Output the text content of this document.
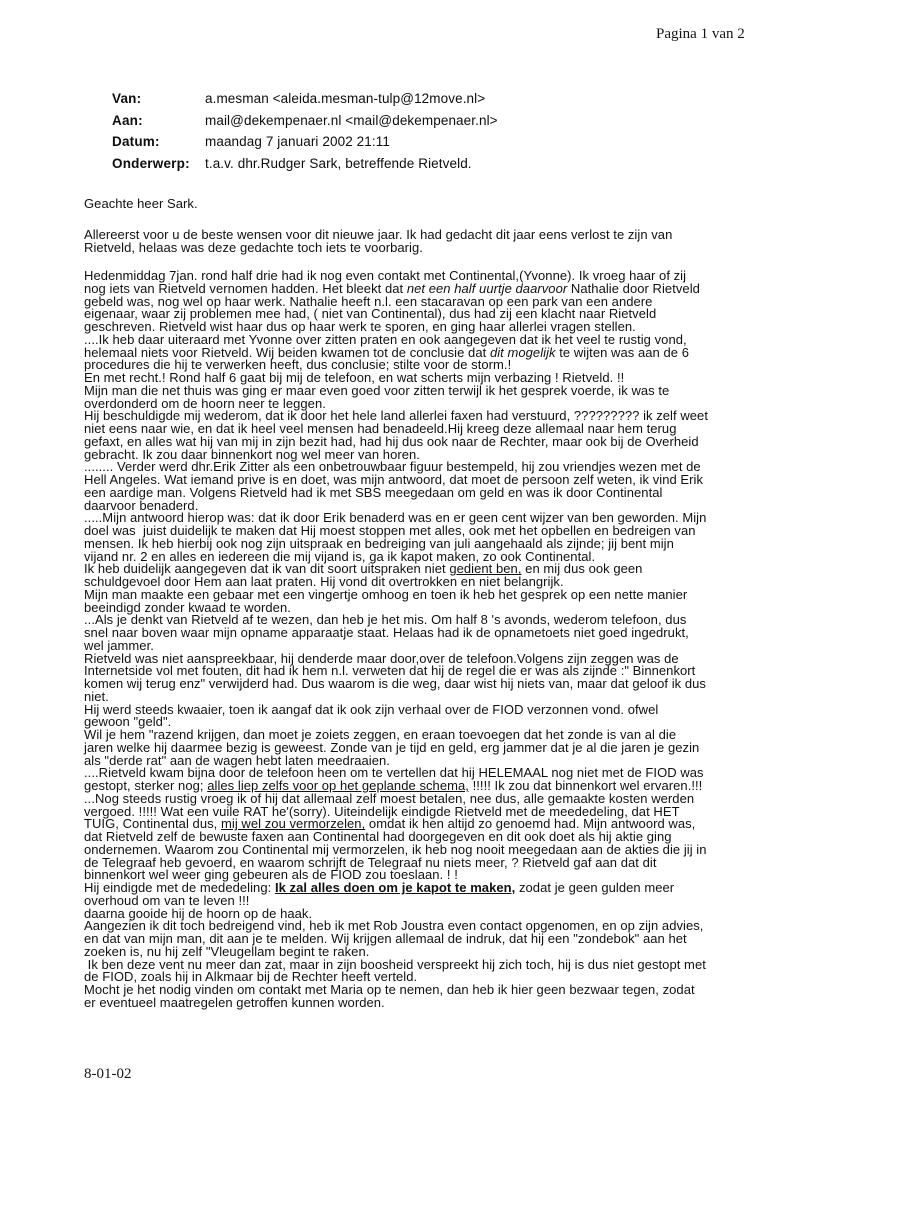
Pagina 1 van 2
Van:	a.mesman <aleida.mesman-tulp@12move.nl>
Aan:	mail@dekempenaer.nl <mail@dekempenaer.nl>
Datum:	maandag 7 januari 2002 21:11
Onderwerp:	t.a.v. dhr.Rudger Sark, betreffende Rietveld.
Geachte heer Sark.
Allereerst voor u de beste wensen voor dit nieuwe jaar. Ik had gedacht dit jaar eens verlost te zijn van
Rietveld, helaas was deze gedachte toch iets te voorbarig.
Hedenmiddag 7jan. rond half drie had ik nog even contakt met Continental,(Yvonne). Ik vroeg haar of zij
nog iets van Rietveld vernomen hadden. Het bleekt dat net een half uurtje daarvoor Nathalie door Rietveld
gebeld was, nog wel op haar werk. Nathalie heeft n.l. een stacaravan op een park van een andere
eigenaar, waar zij problemen mee had, ( niet van Continental), dus had zij een klacht naar Rietveld
geschreven. Rietveld wist haar dus op haar werk te sporen, en ging haar allerlei vragen stellen.
....Ik heb daar uiteraard met Yvonne over zitten praten en ook aangegeven dat ik het veel te rustig vond,
helemaal niets voor Rietveld. Wij beiden kwamen tot de conclusie dat dit mogelijk te wijten was aan de 6
procedures die hij te verwerken heeft, dus conclusie; stilte voor de storm.!
En met recht.! Rond half 6 gaat bij mij de telefoon, en wat scherts mijn verbazing ! Rietveld. !!
Mijn man die net thuis was ging er maar even goed voor zitten terwijl ik het gesprek voerde, ik was te
overdonderd om de hoorn neer te leggen.
Hij beschuldigde mij wederom, dat ik door het hele land allerlei faxen had verstuurd, ????????? ik zelf weet
niet eens naar wie, en dat ik heel veel mensen had benadeeld.Hij kreeg deze allemaal naar hem terug
gefaxt, en alles wat hij van mij in zijn bezit had, had hij dus ook naar de Rechter, maar ook bij de Overheid
gebracht. Ik zou daar binnenkort nog wel meer van horen.
........ Verder werd dhr.Erik Zitter als een onbetrouwbaar figuur bestempeld, hij zou vriendjes wezen met de
Hell Angeles. Wat iemand prive is en doet, was mijn antwoord, dat moet de persoon zelf weten, ik vind Erik
een aardige man. Volgens Rietveld had ik met SBS meegedaan om geld en was ik door Continental
daarvoor benaderd.
.....Mijn antwoord hierop was: dat ik door Erik benaderd was en er geen cent wijzer van ben geworden. Mijn
doel was  juist duidelijk te maken dat Hij moest stoppen met alles, ook met het opbellen en bedreigen van
mensen. Ik heb hierbij ook nog zijn uitspraak en bedreiging van juli aangehaald als zijnde; jij bent mijn
vijand nr. 2 en alles en iedereen die mij vijand is, ga ik kapot maken, zo ook Continental.
Ik heb duidelijk aangegeven dat ik van dit soort uitspraken niet gedient ben, en mij dus ook geen
schuldgevoel door Hem aan laat praten. Hij vond dit overtrokken en niet belangrijk.
Mijn man maakte een gebaar met een vingertje omhoog en toen ik heb het gesprek op een nette manier
beeindigd zonder kwaad te worden.
...Als je denkt van Rietveld af te wezen, dan heb je het mis. Om half 8 's avonds, wederom telefoon, dus
snel naar boven waar mijn opname apparaatje staat. Helaas had ik de opnametoets niet goed ingedrukt,
wel jammer.
Rietveld was niet aanspreekbaar, hij denderde maar door,over de telefoon.Volgens zijn zeggen was de
Internetside vol met fouten, dit had ik hem n.l. verweten dat hij de regel die er was als zijnde :" Binnenkort
komen wij terug enz" verwijderd had. Dus waarom is die weg, daar wist hij niets van, maar dat geloof ik dus
niet.
Hij werd steeds kwaaier, toen ik aangaf dat ik ook zijn verhaal over de FIOD verzonnen vond. ofwel
gewoon "geld".
Wil je hem "razend krijgen, dan moet je zoiets zeggen, en eraan toevoegen dat het zonde is van al die
jaren welke hij daarmee bezig is geweest. Zonde van je tijd en geld, erg jammer dat je al die jaren je gezin
als "derde rat" aan de wagen hebt laten meedraaien.
....Rietveld kwam bijna door de telefoon heen om te vertellen dat hij HELEMAAL nog niet met de FIOD was
gestopt, sterker nog; alles liep zelfs voor op het geplande schema, !!!!! Ik zou dat binnenkort wel ervaren.!!!
...Nog steeds rustig vroeg ik of hij dat allemaal zelf moest betalen, nee dus, alle gemaakte kosten werden
vergoed. !!!!! Wat een vuile RAT he'(sorry). Uiteindelijk eindigde Rietveld met de meededeling, dat HET
TUIG, Continental dus, mij wel zou vermorzelen, omdat ik hen altijd zo genoemd had. Mijn antwoord was,
dat Rietveld zelf de bewuste faxen aan Continental had doorgegeven en dit ook doet als hij aktie ging
ondernemen. Waarom zou Continental mij vermorzelen, ik heb nog nooit meegedaan aan de akties die jij in
de Telegraaf heb gevoerd, en waarom schrijft de Telegraaf nu niets meer, ? Rietveld gaf aan dat dit
binnenkort wel weer ging gebeuren als de FIOD zou toeslaan. ! !
Hij eindigde met de mededeling: Ik zal alles doen om je kapot te maken, zodat je geen gulden meer
overhoud om van te leven !!!
daarna gooide hij de hoorn op de haak.
Aangezien ik dit toch bedreigend vind, heb ik met Rob Joustra even contact opgenomen, en op zijn advies,
en dat van mijn man, dit aan je te melden. Wij krijgen allemaal de indruk, dat hij een "zondebok" aan het
zoeken is, nu hij zelf "Vleugellam begint te raken.
Ik ben deze vent nu meer dan zat, maar in zijn boosheid verspreekt hij zich toch, hij is dus niet gestopt met
de FIOD, zoals hij in Alkmaar bij de Rechter heeft verteld.
Mocht je het nodig vinden om contakt met Maria op te nemen, dan heb ik hier geen bezwaar tegen, zodat
er eventueel maatregelen getroffen kunnen worden.
8-01-02
